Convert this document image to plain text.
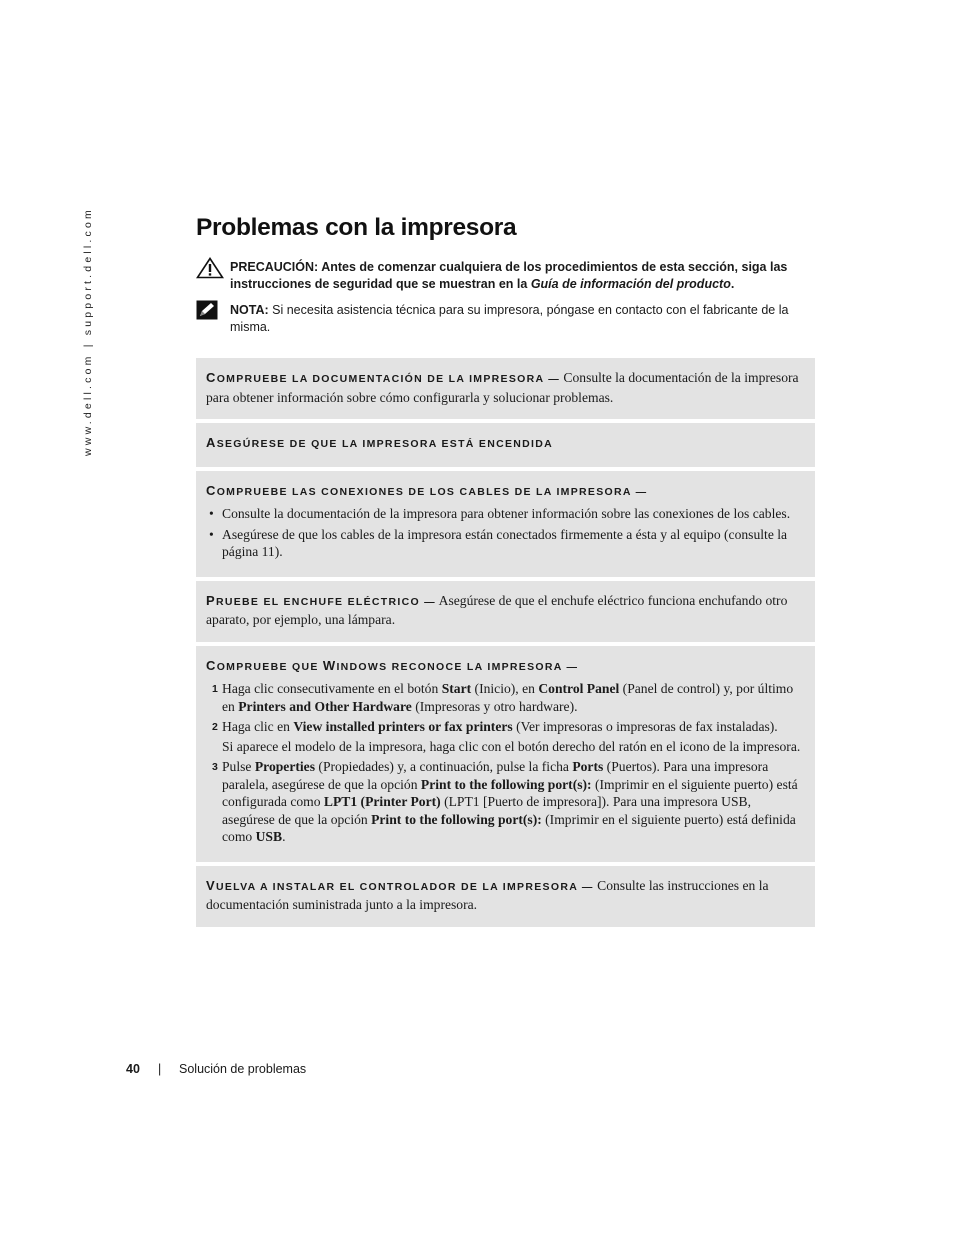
www.dell.com | support.dell.com	Problemas con la impresora
PRECAUCIÓN: Antes de comenzar cualquiera de los procedimientos de esta sección, siga las instrucciones de seguridad que se muestran en la Guía de información del producto.
NOTA: Si necesita asistencia técnica para su impresora, póngase en contacto con el fabricante de la misma.
COMPRUEBE LA DOCUMENTACIÓN DE LA IMPRESORA — Consulte la documentación de la impresora para obtener información sobre cómo configurarla y solucionar problemas.
ASEGÚRESE DE QUE LA IMPRESORA ESTÁ ENCENDIDA
COMPRUEBE LAS CONEXIONES DE LOS CABLES DE LA IMPRESORA —
• Consulte la documentación de la impresora para obtener información sobre las conexiones de los cables.
• Asegúrese de que los cables de la impresora están conectados firmemente a ésta y al equipo (consulte la página 11).
PRUEBE EL ENCHUFE ELÉCTRICO — Asegúrese de que el enchufe eléctrico funciona enchufando otro aparato, por ejemplo, una lámpara.
COMPRUEBE QUE WINDOWS RECONOCE LA IMPRESORA —
1 Haga clic consecutivamente en el botón Start (Inicio), en Control Panel (Panel de control) y, por último en Printers and Other Hardware (Impresoras y otro hardware).
2 Haga clic en View installed printers or fax printers (Ver impresoras o impresoras de fax instaladas).
Si aparece el modelo de la impresora, haga clic con el botón derecho del ratón en el icono de la impresora.
3 Pulse Properties (Propiedades) y, a continuación, pulse la ficha Ports (Puertos). Para una impresora paralela, asegúrese de que la opción Print to the following port(s): (Imprimir en el siguiente puerto) está configurada como LPT1 (Printer Port) (LPT1 [Puerto de impresora]). Para una impresora USB, asegúrese de que la opción Print to the following port(s): (Imprimir en el siguiente puerto) está definida como USB.
VUELVA A INSTALAR EL CONTROLADOR DE LA IMPRESORA — Consulte las instrucciones en la documentación suministrada junto a la impresora.
40 | Solución de problemas
